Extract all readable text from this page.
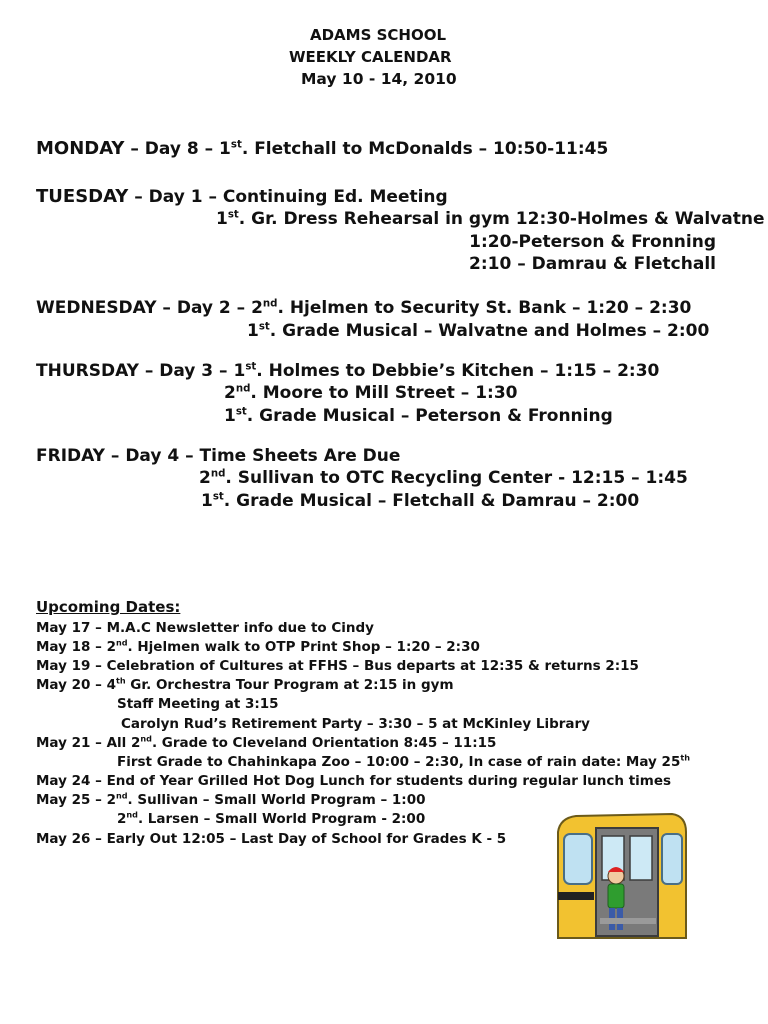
ADAMS SCHOOL
WEEKLY CALENDAR
May 10 - 14, 2010
MONDAY – Day 8 – 1st. Fletchall to McDonalds – 10:50-11:45
TUESDAY – Day 1 – Continuing Ed. Meeting
1st. Gr. Dress Rehearsal in gym 12:30-Holmes & Walvatne
1:20-Peterson & Fronning
2:10 – Damrau & Fletchall
WEDNESDAY – Day 2 – 2nd. Hjelmen to Security St. Bank – 1:20 – 2:30
1st. Grade Musical – Walvatne and Holmes – 2:00
THURSDAY – Day 3 – 1st. Holmes to Debbie’s Kitchen – 1:15 – 2:30
2nd. Moore to Mill Street – 1:30
1st. Grade Musical – Peterson & Fronning
FRIDAY – Day 4 – Time Sheets Are Due
2nd. Sullivan to OTC Recycling Center - 12:15 – 1:45
1st. Grade Musical – Fletchall & Damrau – 2:00
Upcoming Dates:
May 17 – M.A.C Newsletter info due to Cindy
May 18 – 2nd. Hjelmen walk to OTP Print Shop – 1:20 – 2:30
May 19 – Celebration of Cultures at FFHS – Bus departs at 12:35 & returns 2:15
May 20 – 4th Gr. Orchestra Tour Program at 2:15 in gym
Staff Meeting at 3:15
Carolyn Rud’s Retirement Party – 3:30 – 5 at McKinley Library
May 21 – All 2nd. Grade to Cleveland Orientation 8:45 – 11:15
First Grade to Chahinkapa Zoo – 10:00 – 2:30, In case of rain date: May 25th
May 24 – End of Year Grilled Hot Dog Lunch for students during regular lunch times
May 25 – 2nd. Sullivan – Small World Program – 1:00
2nd. Larsen – Small World Program - 2:00
May 26 – Early Out 12:05 – Last Day of School for Grades K - 5
